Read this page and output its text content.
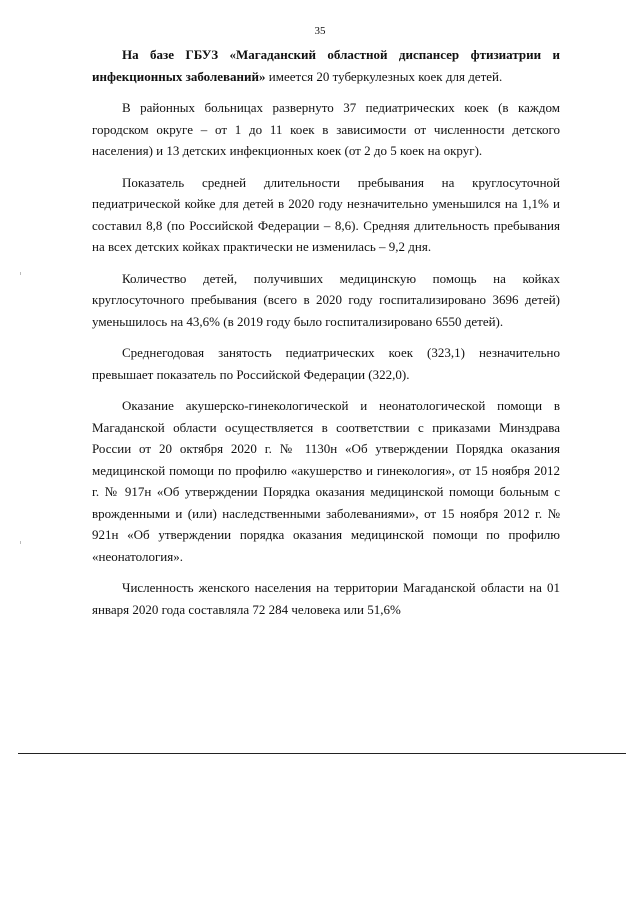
35

На базе ГБУЗ «Магаданский областной диспансер фтизиатрии и инфекционных заболеваний» имеется 20 туберкулезных коек для детей.

В районных больницах развернуто 37 педиатрических коек (в каждом городском округе – от 1 до 11 коек в зависимости от численности детского населения) и 13 детских инфекционных коек (от 2 до 5 коек на округ).

Показатель средней длительности пребывания на круглосуточной педиатрической койке для детей в 2020 году незначительно уменьшился на 1,1% и составил 8,8 (по Российской Федерации – 8,6). Средняя длительность пребывания на всех детских койках практически не изменилась – 9,2 дня.

Количество детей, получивших медицинскую помощь на койках круглосуточного пребывания (всего в 2020 году госпитализировано 3696 детей) уменьшилось на 43,6% (в 2019 году было госпитализировано 6550 детей).

Среднегодовая занятость педиатрических коек (323,1) незначительно превышает показатель по Российской Федерации (322,0).

Оказание акушерско-гинекологической и неонатологической помощи в Магаданской области осуществляется в соответствии с приказами Минздрава России от 20 октября 2020 г. № 1130н «Об утверждении Порядка оказания медицинской помощи по профилю «акушерство и гинекология», от 15 ноября 2012 г. № 917н «Об утверждении Порядка оказания медицинской помощи больным с врожденными и (или) наследственными заболеваниями», от 15 ноября 2012 г. № 921н «Об утверждении порядка оказания медицинской помощи по профилю «неонатология».

Численность женского населения на территории Магаданской области на 01 января 2020 года составляла 72 284 человека или 51,6%
